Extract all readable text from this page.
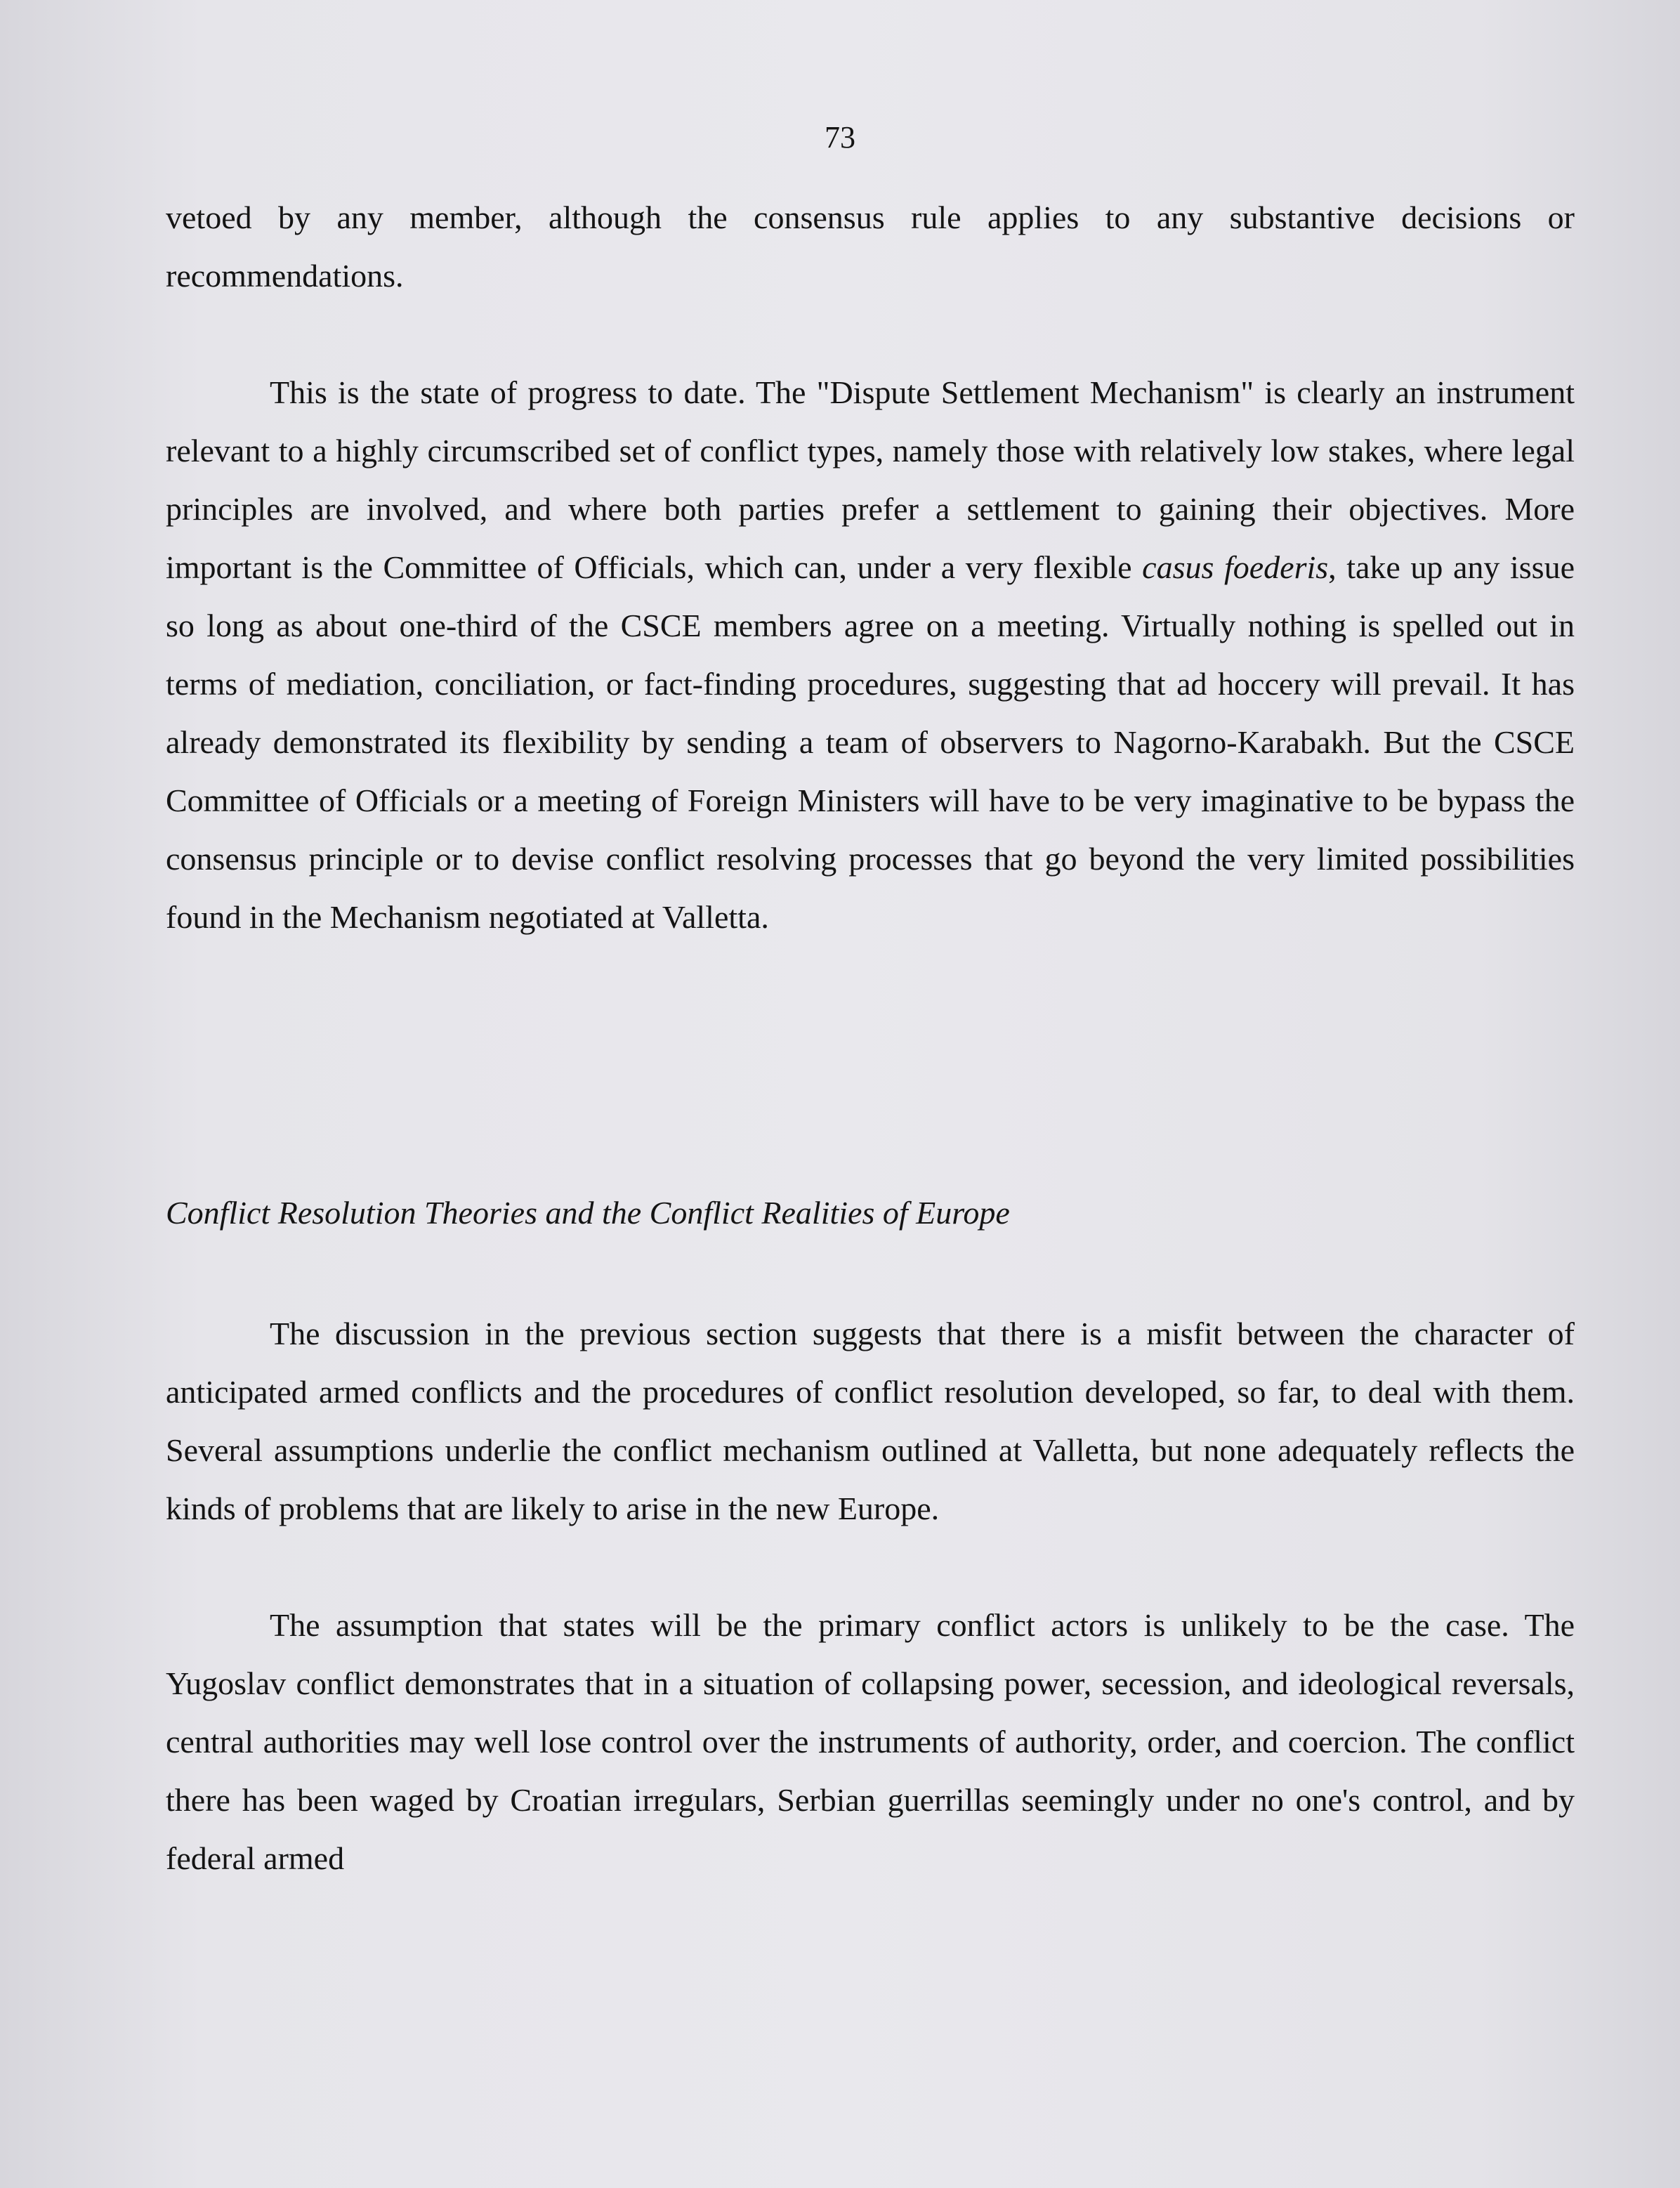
73

vetoed by any member, although the consensus rule applies to any substantive decisions or recommendations.

This is the state of progress to date. The "Dispute Settlement Mechanism" is clearly an instrument relevant to a highly circumscribed set of conflict types, namely those with relatively low stakes, where legal principles are involved, and where both parties prefer a settlement to gaining their objectives. More important is the Committee of Officials, which can, under a very flexible casus foederis, take up any issue so long as about one-third of the CSCE members agree on a meeting. Virtually nothing is spelled out in terms of mediation, conciliation, or fact-finding procedures, suggesting that ad hoccery will prevail. It has already demonstrated its flexibility by sending a team of observers to Nagorno-Karabakh. But the CSCE Committee of Officials or a meeting of Foreign Ministers will have to be very imaginative to be bypass the consensus principle or to devise conflict resolving processes that go beyond the very limited possibilities found in the Mechanism negotiated at Valletta.

Conflict Resolution Theories and the Conflict Realities of Europe

The discussion in the previous section suggests that there is a misfit between the character of anticipated armed conflicts and the procedures of conflict resolution developed, so far, to deal with them. Several assumptions underlie the conflict mechanism outlined at Valletta, but none adequately reflects the kinds of problems that are likely to arise in the new Europe.

The assumption that states will be the primary conflict actors is unlikely to be the case. The Yugoslav conflict demonstrates that in a situation of collapsing power, secession, and ideological reversals, central authorities may well lose control over the instruments of authority, order, and coercion. The conflict there has been waged by Croatian irregulars, Serbian guerrillas seemingly under no one's control, and by federal armed
